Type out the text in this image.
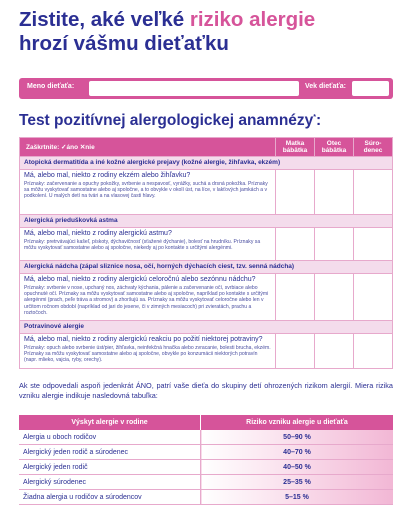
Zistite, aké veľké riziko alergie
hrozí vášmu dieťaťku
Meno dieťaťa:	Vek dieťaťa:
Test pozitívnej alergologickej anamnézy*:
Zaškrtnite: ✓áno ✕nie	Matka bábätka	Otec bábätka	Súro-denec
Atopická dermatitída a iné kožné alergické prejavy (kožné alergie, žihľavka, ekzém)			

Má, alebo mal, niekto z rodiny ekzém alebo žihľavku?
Príznaky: začervenanie a opuchy pokožky, svrbenie a nespavosť, vyrážky, suchá a drsná pokožka. Príznaky sa môžu vyskytovať samostatne alebo aj spoločne, a to obvykle v okolí úst, na líce, v lakťových jamkách a v podkolení. U malých detí na tvári a na vlasovej časti hlavy.			
Alergická prieduškovká astma			

Má, alebo mal, niekto z rodiny alergickú astmu?
Príznaky: pretrvávajúci kašeľ, pískoty, dýchavičnosť (sťažené dýchanie), bolesť na hrudníku. Príznaky sa môžu vyskytovať samostatne alebo aj spoločne, niekedy aj po kontakte s určitými alergénmi.			
Alergická nádcha (zápal sliznice nosa, očí, horných dýchacích ciest, tzv. senná nádcha)			

Má, alebo mal, niekto z rodiny alergickú celoročnú alebo sezónnu nádchu?
Príznaky: svrbenie v nose, upchaný nos, záchvaty kýchania, pálenie a začervenanie očí, svrbiace alebo opuchnuté očí. Príznaky sa môžu vyskytovať samostatne alebo aj spoločne, napríklad po kontakte s určitými alergénmi (prach, peľe tráva a stromov) a zhoršujú sa. Príznaky sa môžu vyskytovať celoročne alebo len v určitom ročnom období (napríklad od jari do jesene, či v zimných mesiacoch) pri zvieratách, prachu a roztočoch.			
Potravinové alergie			

Má, alebo mal, niekto z rodiny alergickú reakciu po požití niektorej potraviny?
Príznaky: opuch alebo svrbenie úst/pier, žihľavka, neinfekčná hnačka alebo zvracanie, bolesti brucha, ekzém. Príznaky sa môžu vyskytovať samostatne alebo aj spoločne, obvykle po konzumácii niektorých potravín (napr. mlieko, vajcia, ryby, orechy).			

Ak ste odpovedali aspoň jedenkrát ÁNO, patrí vaše dieťa do skupiny detí ohrozených rizikom alergií. Miera rizika vzniku alergie indikuje nasledovná tabuľka:

Výskyt alergie v rodine	Riziko vzniku alergie u dieťaťa
Alergia u oboch rodičov	50–90 %
Alergický jeden rodič a súrodenec	40–70 %
Alergický jeden rodič	40–50 %
Alergický súrodenec	25–35 %
Žiadna alergia u rodičov a súrodencov	5–15 %
